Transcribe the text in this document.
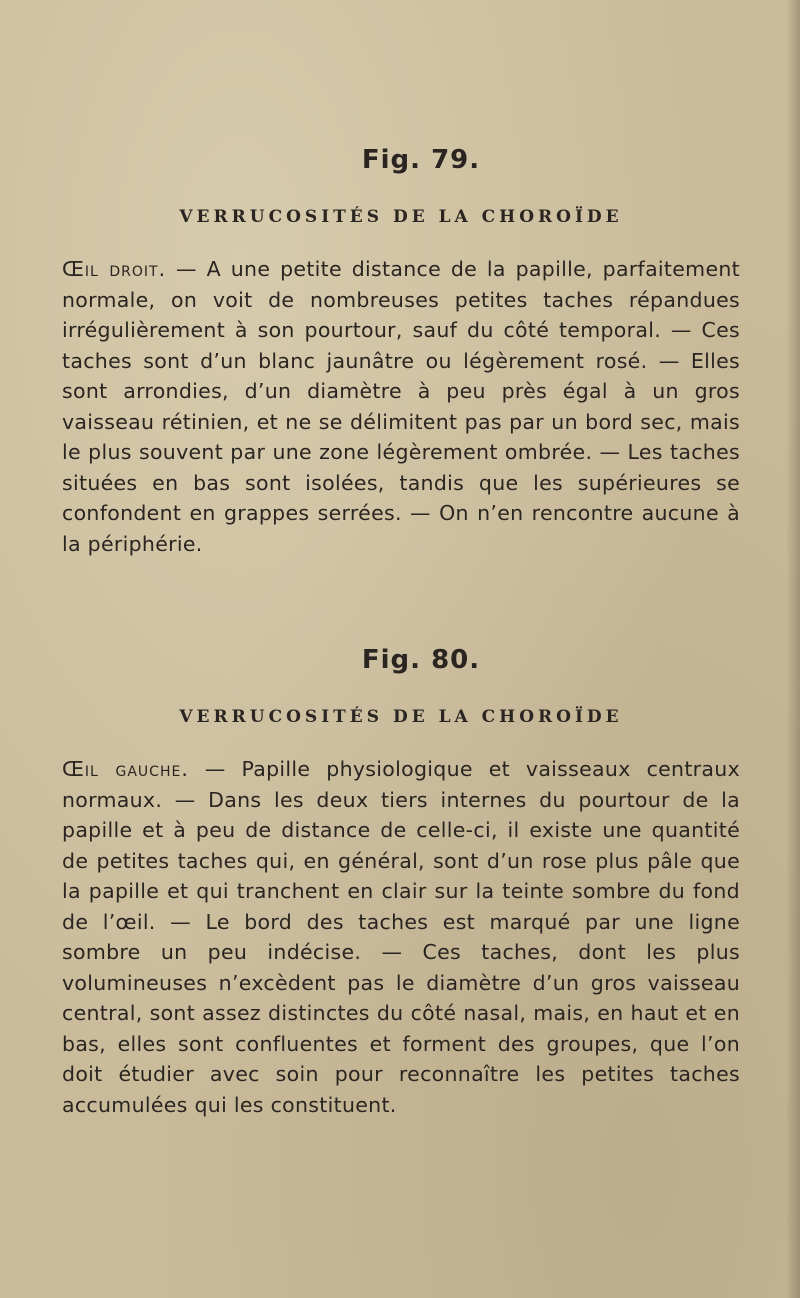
Fig. 79.
VERRUCOSITÉS DE LA CHOROÏDE

Œil droit. — A une petite distance de la papille, parfaitement normale, on voit de nombreuses petites taches répandues irrégulièrement à son pourtour, sauf du côté temporal. — Ces taches sont d’un blanc jaunâtre ou légèrement rosé. — Elles sont arrondies, d’un diamètre à peu près égal à un gros vaisseau rétinien, et ne se délimitent pas par un bord sec, mais le plus souvent par une zone légèrement ombrée. — Les taches situées en bas sont isolées, tandis que les supérieures se confondent en grappes serrées. — On n’en rencontre aucune à la périphérie.

Fig. 80.
VERRUCOSITÉS DE LA CHOROÏDE

Œil gauche. — Papille physiologique et vaisseaux centraux normaux. — Dans les deux tiers internes du pourtour de la papille et à peu de distance de celle-ci, il existe une quantité de petites taches qui, en général, sont d’un rose plus pâle que la papille et qui tranchent en clair sur la teinte sombre du fond de l’œil. — Le bord des taches est marqué par une ligne sombre un peu indécise. — Ces taches, dont les plus volumineuses n’excèdent pas le diamètre d’un gros vaisseau central, sont assez distinctes du côté nasal, mais, en haut et en bas, elles sont confluentes et forment des groupes, que l’on doit étudier avec soin pour reconnaître les petites taches accumulées qui les constituent.
